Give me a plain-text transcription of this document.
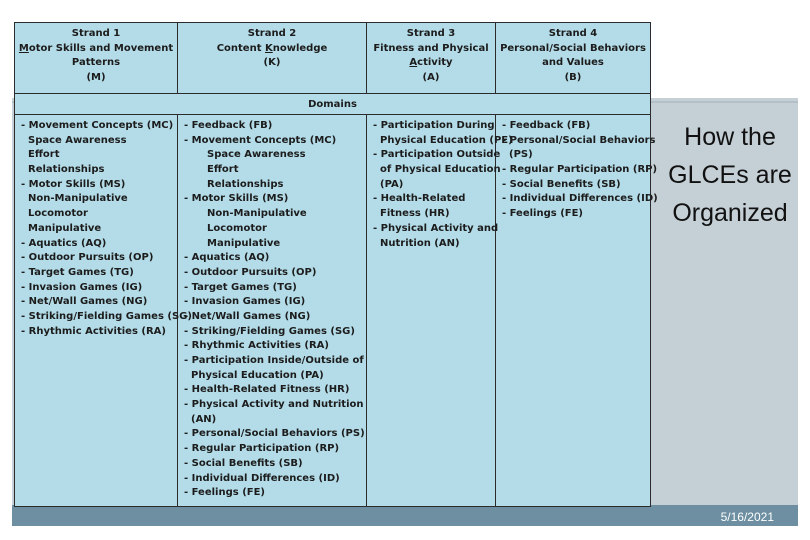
5/16/2021
How the
GLCEs are
Organized
Strand 1
Motor Skills and Movement
Patterns
(M)
Strand 2
Content Knowledge
(K)
Strand 3
Fitness and Physical
Activity
(A)
Strand 4
Personal/Social Behaviors
and Values
(B)
Domains
- Movement Concepts (MC)
Space Awareness
Effort
Relationships
- Motor Skills (MS)
Non-Manipulative
Locomotor
Manipulative
- Aquatics (AQ)
- Outdoor Pursuits (OP)
- Target Games (TG)
- Invasion Games (IG)
- Net/Wall Games (NG)
- Striking/Fielding Games (SG)
- Rhythmic Activities (RA)
- Feedback (FB)
- Movement Concepts (MC)
Space Awareness
Effort
Relationships
- Motor Skills (MS)
Non-Manipulative
Locomotor
Manipulative
- Aquatics (AQ)
- Outdoor Pursuits (OP)
- Target Games (TG)
- Invasion Games (IG)
- Net/Wall Games (NG)
- Striking/Fielding Games (SG)
- Rhythmic Activities (RA)
- Participation Inside/Outside of
Physical Education (PA)
- Health-Related Fitness (HR)
- Physical Activity and Nutrition
(AN)
- Personal/Social Behaviors (PS)
- Regular Participation (RP)
- Social Benefits (SB)
- Individual Differences (ID)
- Feelings (FE)
- Participation During
Physical Education (PE)
- Participation Outside
of Physical Education
(PA)
- Health-Related
Fitness (HR)
- Physical Activity and
Nutrition (AN)
- Feedback (FB)
- Personal/Social Behaviors
(PS)
- Regular Participation (RP)
- Social Benefits (SB)
- Individual Differences (ID)
- Feelings (FE)
